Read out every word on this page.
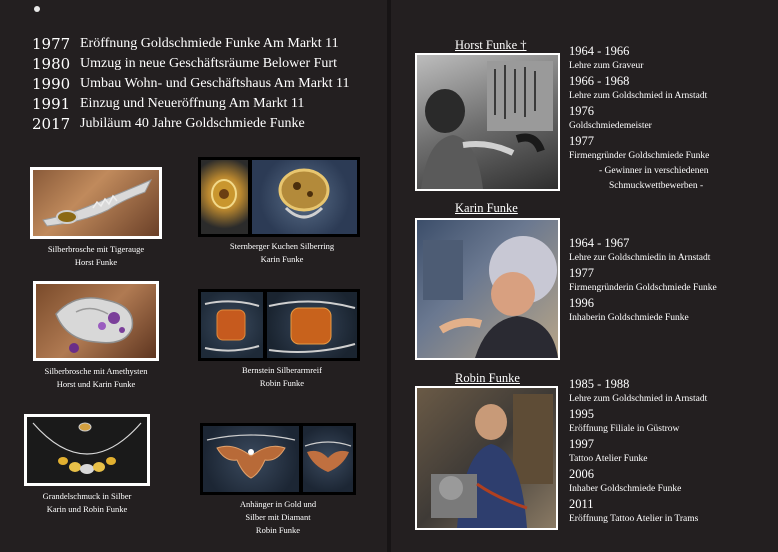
1977 Eröffnung Goldschmiede Funke Am Markt 11
1980 Umzug in neue Geschäftsräume Belower Furt
1990 Umbau Wohn- und Geschäftshaus Am Markt 11
1991 Einzug und Neueröffnung Am Markt 11
2017 Jubiläum 40 Jahre Goldschmiede Funke
Silberbrosche mit Tigerauge
Horst Funke
Sternberger Kuchen Silberring
Karin Funke
Silberbrosche mit Amethysten
Horst und Karin Funke
Bernstein Silberarmreif
Robin Funke
Grandelschmuck in Silber
Karin und Robin Funke	Anhänger in Gold und
Silber mit Diamant
Robin Funke
Horst Funke †	1964 - 1966
Lehre zum Graveur
1966 - 1968
Lehre zum Goldschmied in Arnstadt
1976
Goldschmiedemeister
1977
Firmengründer Goldschmiede Funke
- Gewinner in verschiedenen
Schmuckwettbewerben -
Karin Funke
1964 - 1967
Lehre zur Goldschmiedin in Arnstadt
1977
Firmengründerin Goldschmiede Funke
1996
Inhaberin Goldschmiede Funke
Robin Funke	1985 - 1988
Lehre zum Goldschmied in Arnstadt
1995
Eröffnung Filiale in Güstrow
1997
Tattoo Atelier Funke
2006
Inhaber Goldschmiede Funke
2011
Eröffnung Tattoo Atelier in Trams
